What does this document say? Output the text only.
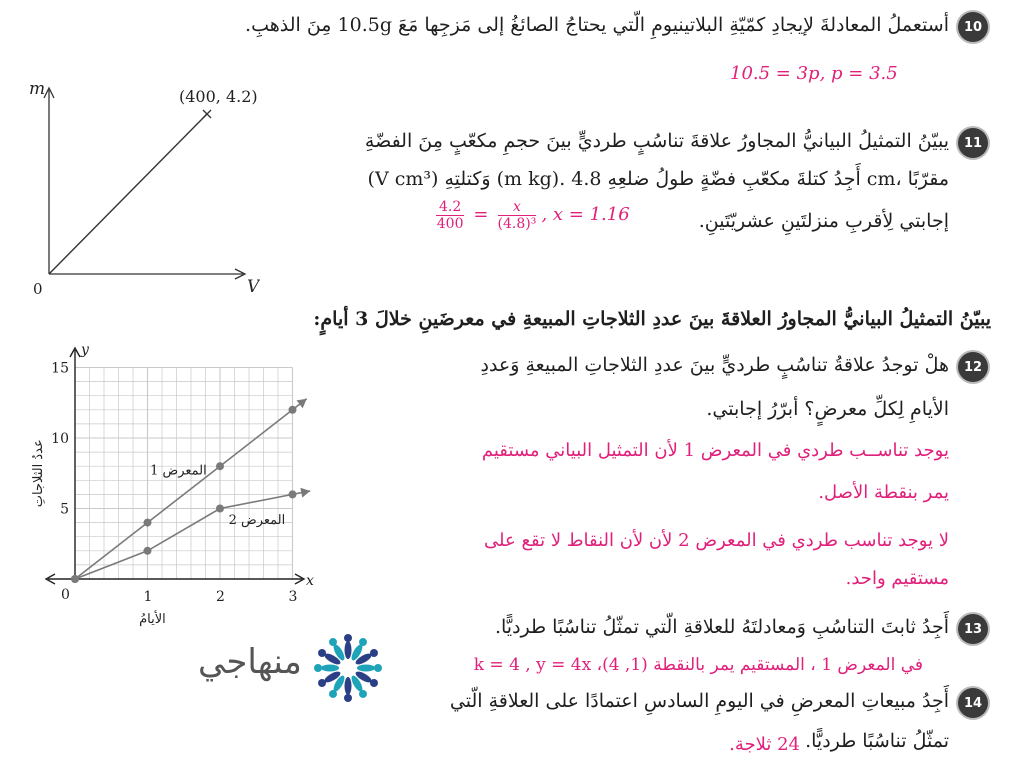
10
أستعملُ المعادلةَ لإيجادِ كمّيّةِ البلاتينيومِ الّتي يحتاجُ الصائغُ إلى مَزجِها مَعَ 10.5g مِنَ الذهبِ.
10.5 = 3p, p = 3.5
m
V
0
(400, 4.2)
11
يبيّنُ التمثيلُ البيانيُّ المجاورُ علاقةَ تناسُبٍ طرديٍّ بينَ حجمِ مكعّبٍ مِنَ الفضّةِ
(V cm³) وَكتلتِهِ (m kg). أَجِدُ كتلةَ مكعّبِ فضّةٍ طولُ ضلعِهِ 4.8 cm، مقرّبًا
إجابتي لِأقربِ منزلتَينِ عشريّتَينِ.
$\frac{4.2}{400} = \frac{x}{\text{(4.8)³}}$ , x = 1.16
يبيّنُ التمثيلُ البيانيُّ المجاورُ العلاقةَ بينَ عددِ الثلاجاتِ المبيعةِ في معرضَينِ خلالَ 3 أيامٍ:
1	2	3
5
10
15
0
x
y
الأيامُ
عددُ الثلاجاتِ	المعرض 1
المعرض 2
12
هلْ توجدُ علاقةُ تناسُبٍ طرديٍّ بينَ عددِ الثلاجاتِ المبيعةِ وَعددِ
الأيامِ لِكلِّ معرضٍ؟ أبرّرُ إجابتي.
يوجد تناســب طردي في المعرض 1 لأن التمثيل البياني مستقيم
يمر بنقطة الأصل.
لا يوجد تناسب طردي في المعرض 2 لأن لأن النقاط لا تقع على
مستقيم واحد.
13
أَجِدُ ثابتَ التناسُبِ وَمعادلتَهُ للعلاقةِ الّتي تمثّلُ تناسُبًا طرديًّا.
في المعرض 1 ، المستقيم يمر بالنقطة (1, 4)، k = 4 , y = 4x
14
أَجِدُ مبيعاتِ المعرضِ في اليومِ السادسِ اعتمادًا على العلاقةِ الّتي
تمثّلُ تناسُبًا طرديًّا.
24 ثلاجة.
منهاجي
